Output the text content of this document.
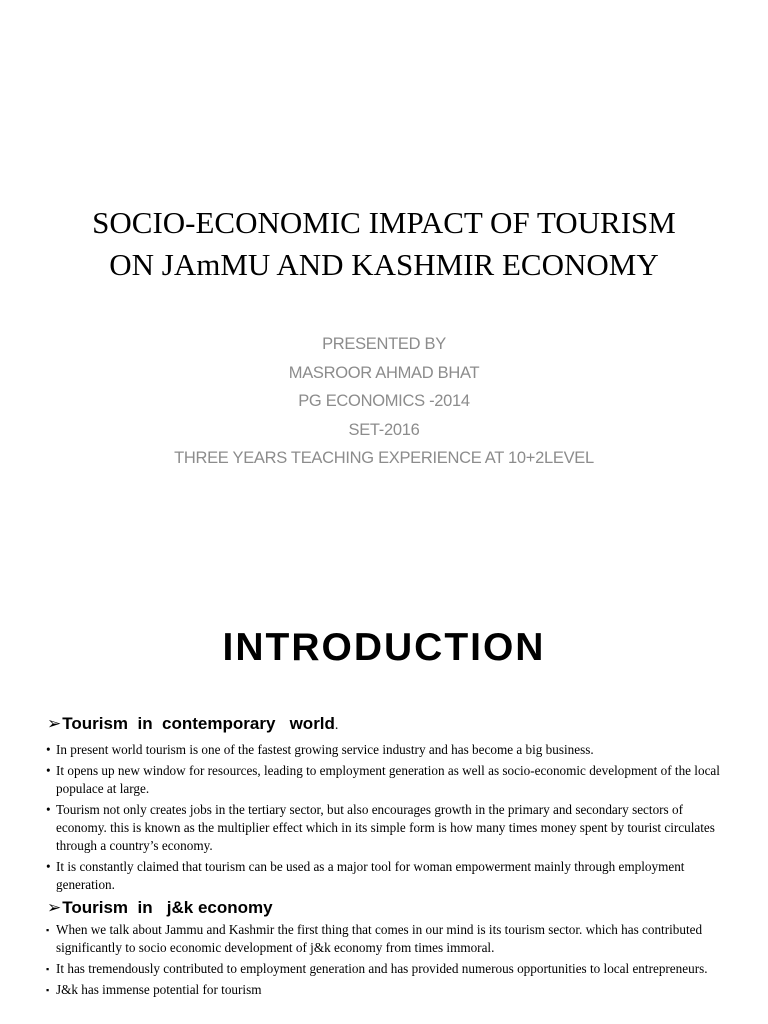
SOCIO-ECONOMIC IMPACT OF TOURISM
ON JAmMU AND KASHMIR ECONOMY
PRESENTED BY
MASROOR AHMAD BHAT
PG ECONOMICS -2014
SET-2016
THREE YEARS TEACHING EXPERIENCE AT 10+2LEVEL
INTRODUCTION
➢Tourism  in  contemporary   world.
• In present world tourism is one of the fastest growing service industry and has become a big business.
• It opens up new window for resources, leading to employment generation as well as socio-economic development of the local populace at large.
• Tourism not only creates jobs in the tertiary sector, but also encourages growth in the primary and secondary sectors of economy. this is known as the multiplier effect which in its simple form is how many times money spent by tourist circulates through a country’s economy.
• It is constantly claimed that tourism can be used as a major tool for woman empowerment mainly through employment generation.
➢Tourism  in   j&k economy
▪ When we talk about Jammu and Kashmir the first thing that comes in our mind is its tourism sector. which has contributed significantly to socio economic development of j&k economy from times immoral.
▪ It has tremendously contributed to employment generation and has provided numerous opportunities to local entrepreneurs.
▪ J&k has immense potential for tourism
